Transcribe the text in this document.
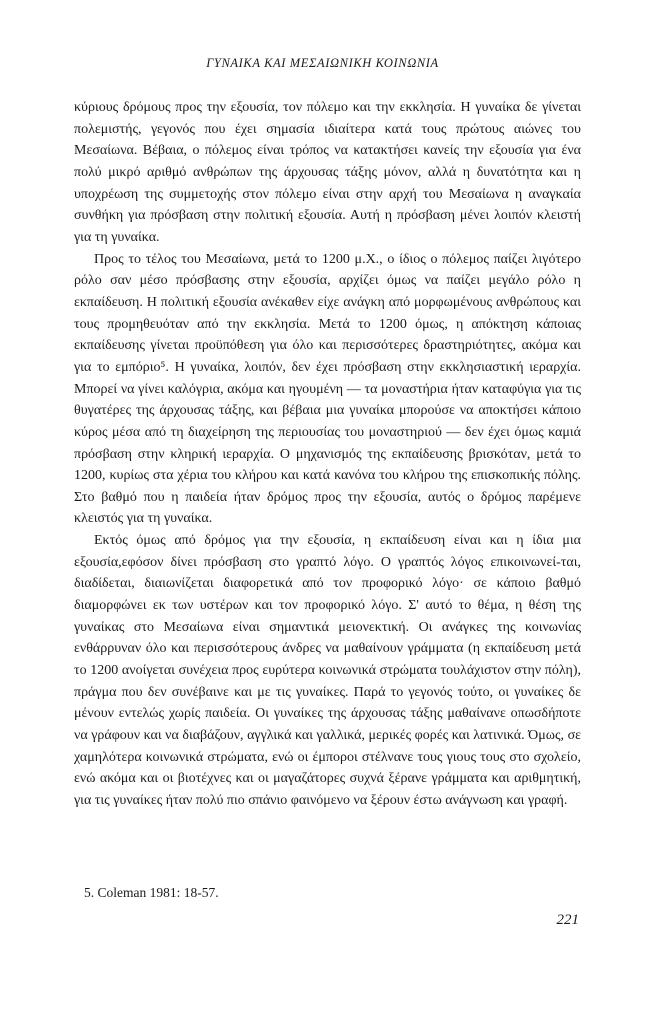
ΓΥΝΑΙΚΑ ΚΑΙ ΜΕΣΑΙΩΝΙΚΗ ΚΟΙΝΩΝΙΑ

κύριους δρόμους προς την εξουσία, τον πόλεμο και την εκκλησία. Η γυναίκα δε γίνεται πολεμιστής, γεγονός που έχει σημασία ιδιαίτερα κατά τους πρώτους αιώνες του Μεσαίωνα. Βέβαια, ο πόλεμος είναι τρόπος να κατακτήσει κανείς την εξουσία για ένα πολύ μικρό αριθμό ανθρώπων της άρχουσας τάξης μόνον, αλλά η δυνατότητα και η υποχρέωση της συμμετοχής στον πόλεμο είναι στην αρχή του Μεσαίωνα η αναγκαία συνθήκη για πρόσβαση στην πολιτική εξουσία. Αυτή η πρόσβαση μένει λοιπόν κλειστή για τη γυναίκα.

Προς το τέλος του Μεσαίωνα, μετά το 1200 μ.Χ., ο ίδιος ο πόλεμος παίζει λιγότερο ρόλο σαν μέσο πρόσβασης στην εξουσία, αρχίζει όμως να παίζει μεγάλο ρόλο η εκπαίδευση. Η πολιτική εξουσία ανέκαθεν είχε ανάγκη από μορφωμένους ανθρώπους και τους προμηθευόταν από την εκκλησία. Μετά το 1200 όμως, η απόκτηση κάποιας εκπαίδευσης γίνεται προϋπόθεση για όλο και περισσότερες δραστηριότητες, ακόμα και για το εμπόριο⁵. Η γυναίκα, λοιπόν, δεν έχει πρόσβαση στην εκκλησιαστική ιεραρχία. Μπορεί να γίνει καλόγρια, ακόμα και ηγουμένη — τα μοναστήρια ήταν καταφύγια για τις θυγατέρες της άρχουσας τάξης, και βέβαια μια γυναίκα μπορούσε να αποκτήσει κάποιο κύρος μέσα από τη διαχείρηση της περιουσίας του μοναστηριού — δεν έχει όμως καμιά πρόσβαση στην κληρική ιεραρχία. Ο μηχανισμός της εκπαίδευσης βρισκόταν, μετά το 1200, κυρίως στα χέρια του κλήρου και κατά κανόνα του κλήρου της επισκοπικής πόλης. Στο βαθμό που η παιδεία ήταν δρόμος προς την εξουσία, αυτός ο δρόμος παρέμενε κλειστός για τη γυναίκα.

Εκτός όμως από δρόμος για την εξουσία, η εκπαίδευση είναι και η ίδια μια εξουσία,εφόσον δίνει πρόσβαση στο γραπτό λόγο. Ο γραπτός λόγος επικοινωνεί-ται, διαδίδεται, διαιωνίζεται διαφορετικά από τον προφορικό λόγο· σε κάποιο βαθμό διαμορφώνει εκ των υστέρων και τον προφορικό λόγο. Σ' αυτό το θέμα, η θέση της γυναίκας στο Μεσαίωνα είναι σημαντικά μειονεκτική. Οι ανάγκες της κοινωνίας ενθάρρυναν όλο και περισσότερους άνδρες να μαθαίνουν γράμματα (η εκπαίδευση μετά το 1200 ανοίγεται συνέχεια προς ευρύτερα κοινωνικά στρώματα τουλάχιστον στην πόλη), πράγμα που δεν συνέβαινε και με τις γυναίκες. Παρά το γεγονός τούτο, οι γυναίκες δε μένουν εντελώς χωρίς παιδεία. Οι γυναίκες της άρχουσας τάξης μαθαίνανε οπωσδήποτε να γράφουν και να διαβάζουν, αγγλικά και γαλλικά, μερικές φορές και λατινικά. Όμως, σε χαμηλότερα κοινωνικά στρώματα, ενώ οι έμποροι στέλνανε τους γιους τους στο σχολείο, ενώ ακόμα και οι βιοτέχνες και οι μαγαζάτορες συχνά ξέρανε γράμματα και αριθμητική, για τις γυναίκες ήταν πολύ πιο σπάνιο φαινόμενο να ξέρουν έστω ανάγνωση και γραφή.

5. Coleman 1981: 18-57.
221
